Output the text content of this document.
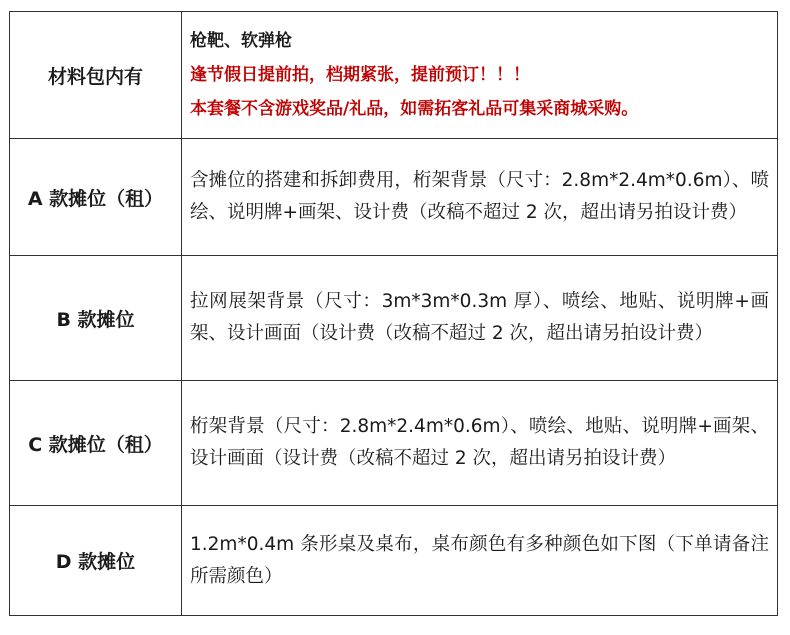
材料包内有	枪靶、软弹枪
逢节假日提前拍，档期紧张，提前预订！！！
本套餐不含游戏奖品/礼品，如需拓客礼品可集采商城采购。

A 款摊位（租）	含摊位的搭建和拆卸费用，桁架背景（尺寸：2.8m*2.4m*0.6m）、喷绘、说明牌+画架、设计费（改稿不超过 2 次，超出请另拍设计费）
B 款摊位	拉网展架背景（尺寸：3m*3m*0.3m 厚）、喷绘、地贴、说明牌+画架、设计画面（设计费（改稿不超过 2 次，超出请另拍设计费）
C 款摊位（租）	桁架背景（尺寸：2.8m*2.4m*0.6m）、喷绘、地贴、说明牌+画架、设计画面（设计费（改稿不超过 2 次，超出请另拍设计费）
D 款摊位	1.2m*0.4m 条形桌及桌布，桌布颜色有多种颜色如下图（下单请备注所需颜色）
